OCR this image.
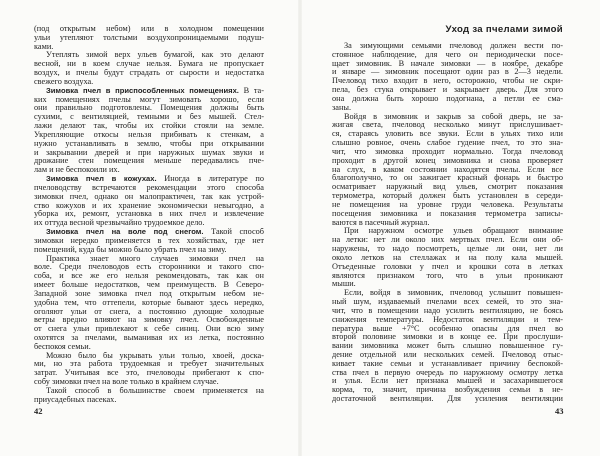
(под открытым небом) или в холодном помещении
ульи утепляют толстыми воздухопроницаемыми подуш-
ками.
Утеплять зимой верх ульев бумагой, как это делают
весной, ни в коем случае нельзя. Бумага не пропускает
воздух, и пчелы будут страдать от сырости и недостатка
свежего воздуха.
Зимовка пчел в приспособленных помещениях. В та-
ких помещениях пчелы могут зимовать хорошо, если
они правильно подготовлены. Помещения должны быть
сухими, с вентиляцией, темными и без мышей. Стел-
лажи делают так, чтобы их стойки стояли на земле.
Укрепляющие откосы нельзя прибивать к стенкам, а
нужно устанавливать в землю, чтобы при открывании
и закрывании дверей и при наружных шумах звуки и
дрожание стен помещения меньше передавались пче-
лам и не беспокоили их.
Зимовка пчел в кожухах. Иногда в литературе по
пчеловодству встречаются рекомендации этого способа
зимовки пчел, однако он малопрактичен, так как устрой-
ство кожухов и их хранение экономически невыгодно, а
уборка их, ремонт, установка в них пчел и извлечение
их оттуда весной чрезвычайно трудоемкое дело.
Зимовка пчел на воле под снегом. Такой способ
зимовки нередко применяется в тех хозяйствах, где нет
помещений, куда бы можно было убрать пчел на зиму.
Практика знает много случаев зимовки пчел на
воле. Среди пчеловодов есть сторонники и такого спо-
соба, и все же его нельзя рекомендовать, так как он
имеет больше недостатков, чем преимуществ. В Северо-
Западной зоне зимовка пчел под открытым небом не-
удобна тем, что оттепели, которые бывают здесь нередко,
оголяют ульи от снега, а постоянно дующие холодные
ветры вредно влияют на зимовку пчел. Освобожденные
от снега ульи привлекают к себе синиц. Они всю зиму
охотятся за пчелами, выманивая их из летка, постоянно
беспокоя семьи.
Можно было бы укрывать ульи толью, хвоей, доска-
ми, но эта работа трудоемкая и требует значительных
затрат. Учитывая все это, пчеловоды прибегают к спо-
собу зимовки пчел на воле только в крайнем случае.
Такой способ в большинстве своем применяется на
приусадебных пасеках.
42
Уход за пчелами зимой
За зимующими семьями пчеловод должен вести по-
стоянное наблюдение, для чего он периодически посе-
щает зимовник. В начале зимовки — в ноябре, декабре
и январе — зимовник посещают один раз в 2—3 недели.
Пчеловод тихо входит в него, осторожно, чтобы не скри-
пела, без стука открывает и закрывает дверь. Для этого
она должна быть хорошо подогнана, а петли ее сма-
заны.
Войдя в зимовник и закрыв за собой дверь, не за-
жигая света, пчеловод несколько минут прислушивает-
ся, стараясь уловить все звуки. Если в ульях тихо или
слышно ровное, очень слабое гудение пчел, то это зна-
чит, что зимовка проходит нормально. Тогда пчеловод
проходит в другой конец зимовника и снова проверяет
на слух, в каком состоянии находятся пчелы. Если все
благополучно, то он зажигает красный фонарь и быстро
осматривает наружный вид ульев, смотрит показания
термометра, который должен быть установлен в середи-
не помещения на уровне груди человека. Результаты
посещения зимовника и показания термометра записы-
ваются в пасечный журнал.
При наружном осмотре ульев обращают внимание
на летки: нет ли около них мертвых пчел. Если они об-
наружены, то надо посмотреть, целые ли они, нет ли
около летков на стеллажах и на полу кала мышей.
Отъеденные головки у пчел и крошки сота в летках
являются признаком того, что в ульи проникают
мыши.
Если, войдя в зимовник, пчеловод услышит повышен-
ный шум, издаваемый пчелами всех семей, то это зна-
чит, что в помещении надо усилить вентиляцию, не боясь
снижения температуры. Недостаток вентиляции и тем-
пература выше +7°С особенно опасны для пчел во
второй половине зимовки и в конце ее. При прослуши-
вании зимовника может быть слышно повышенное гу-
дение отдельной или нескольких семей. Пчеловод отыс-
кивает такие семьи и устанавливает причину беспокой-
ства пчел в первую очередь по наружному осмотру летка
и улья. Если нет признака мышей и засахарившегося
корма, то, значит, причина возбуждения семьи в не-
достаточной вентиляции. Для усиления вентиляции
43
